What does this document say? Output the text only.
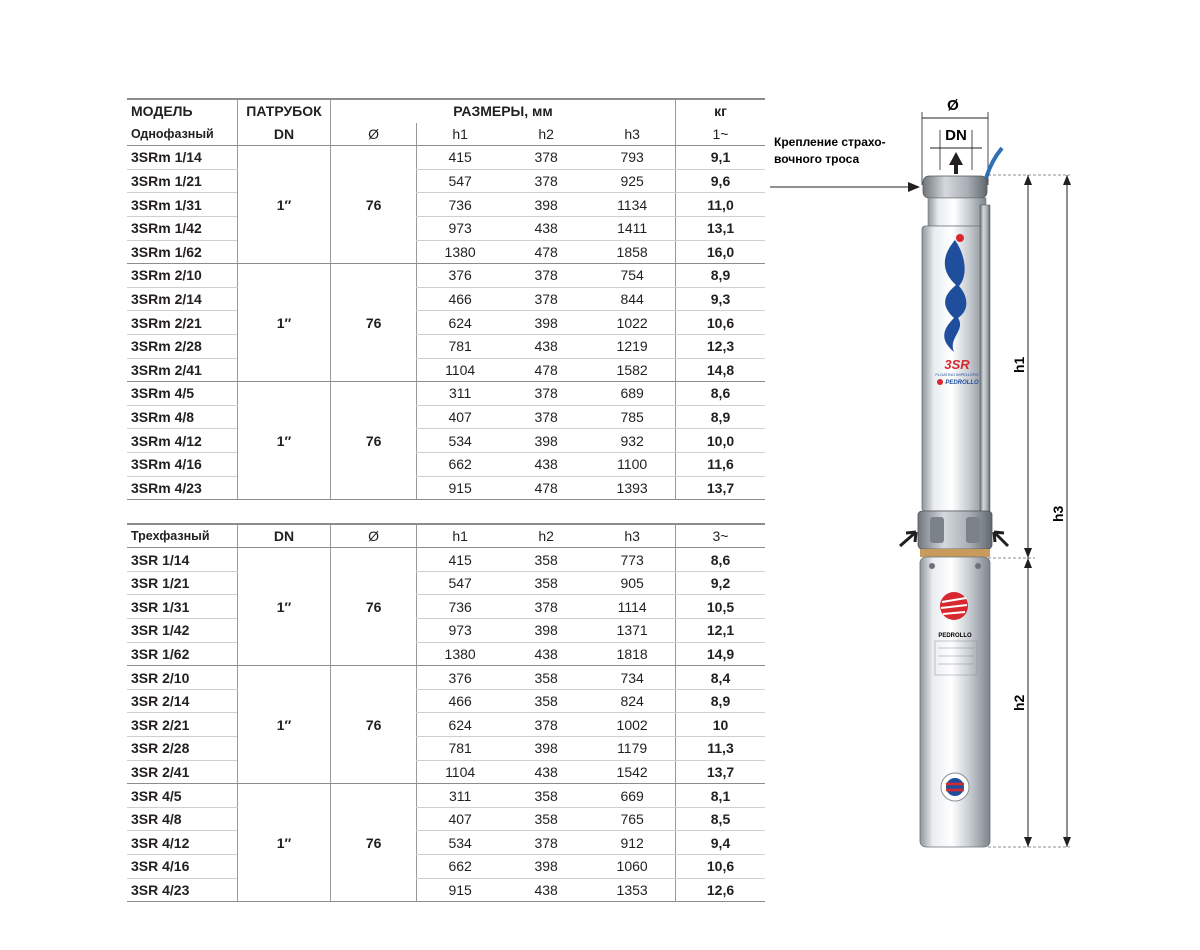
МОДЕЛЬ	ПАТРУБОК	РАЗМЕРЫ, мм				кг
Однофазный	DN	Ø	h1	h2	h3	1~
3SRm 1/14	1″	76	415	378	793	9,1
3SRm 1/21			547	378	925	9,6
3SRm 1/31			736	398	1134	11,0
3SRm 1/42			973	438	1411	13,1
3SRm 1/62			1380	478	1858	16,0
3SRm 2/10	1″	76	376	378	754	8,9
3SRm 2/14			466	378	844	9,3
3SRm 2/21			624	398	1022	10,6
3SRm 2/28			781	438	1219	12,3
3SRm 2/41			1104	478	1582	14,8
3SRm 4/5	1″	76	311	378	689	8,6
3SRm 4/8			407	378	785	8,9
3SRm 4/12			534	398	932	10,0
3SRm 4/16			662	438	1100	11,6
3SRm 4/23			915	478	1393	13,7

Трехфазный	DN	Ø	h1	h2	h3	3~
3SR 1/14	1″	76	415	358	773	8,6
3SR 1/21			547	358	905	9,2
3SR 1/31			736	378	1114	10,5
3SR 1/42			973	398	1371	12,1
3SR 1/62			1380	438	1818	14,9
3SR 2/10	1″	76	376	358	734	8,4
3SR 2/14			466	358	824	8,9
3SR 2/21			624	378	1002	10
3SR 2/28			781	398	1179	11,3
3SR 2/41			1104	438	1542	13,7
3SR 4/5	1″	76	311	358	669	8,1
3SR 4/8			407	358	765	8,5
3SR 4/12			534	378	912	9,4
3SR 4/16			662	398	1060	10,6
3SR 4/23			915	438	1353	12,6
Ø
DN
Крепление страхо-
вочного троса
3SR
FLOATING IMPELLERS
PEDROLLO
PEDROLLO
h1
h2
h3
